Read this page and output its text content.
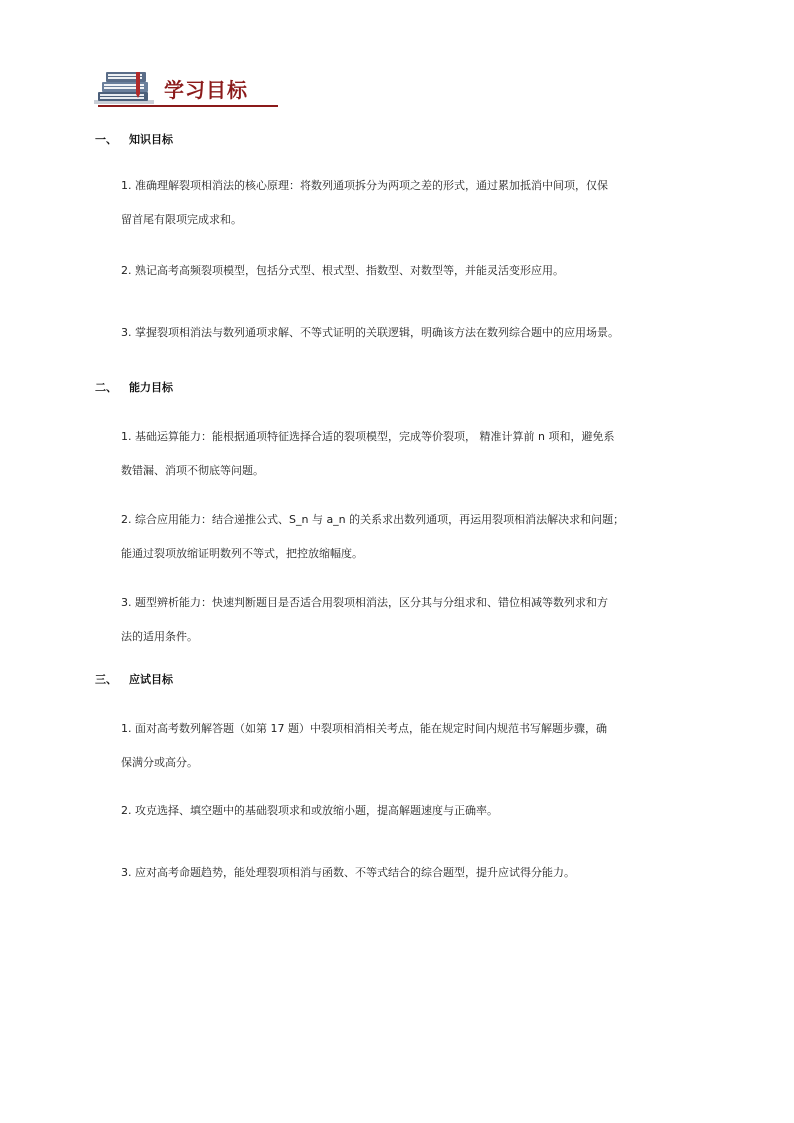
学习目标
一、 知识目标
1. 准确理解裂项相消法的核心原理：将数列通项拆分为两项之差的形式，通过累加抵消中间项，仅保
留首尾有限项完成求和。
2. 熟记高考高频裂项模型，包括分式型、根式型、指数型、对数型等，并能灵活变形应用。
3. 掌握裂项相消法与数列通项求解、不等式证明的关联逻辑，明确该方法在数列综合题中的应用场景。
二、 能力目标
1. 基础运算能力：能根据通项特征选择合适的裂项模型，完成等价裂项， 精准计算前 n 项和，避免系
数错漏、消项不彻底等问题。
2. 综合应用能力：结合递推公式、S_n 与 a_n 的关系求出数列通项，再运用裂项相消法解决求和问题；
能通过裂项放缩证明数列不等式，把控放缩幅度。
3. 题型辨析能力：快速判断题目是否适合用裂项相消法，区分其与分组求和、错位相减等数列求和方
法的适用条件。
三、 应试目标
1. 面对高考数列解答题（如第 17 题）中裂项相消相关考点，能在规定时间内规范书写解题步骤，确
保满分或高分。
2. 攻克选择、填空题中的基础裂项求和或放缩小题，提高解题速度与正确率。
3. 应对高考命题趋势，能处理裂项相消与函数、不等式结合的综合题型，提升应试得分能力。
